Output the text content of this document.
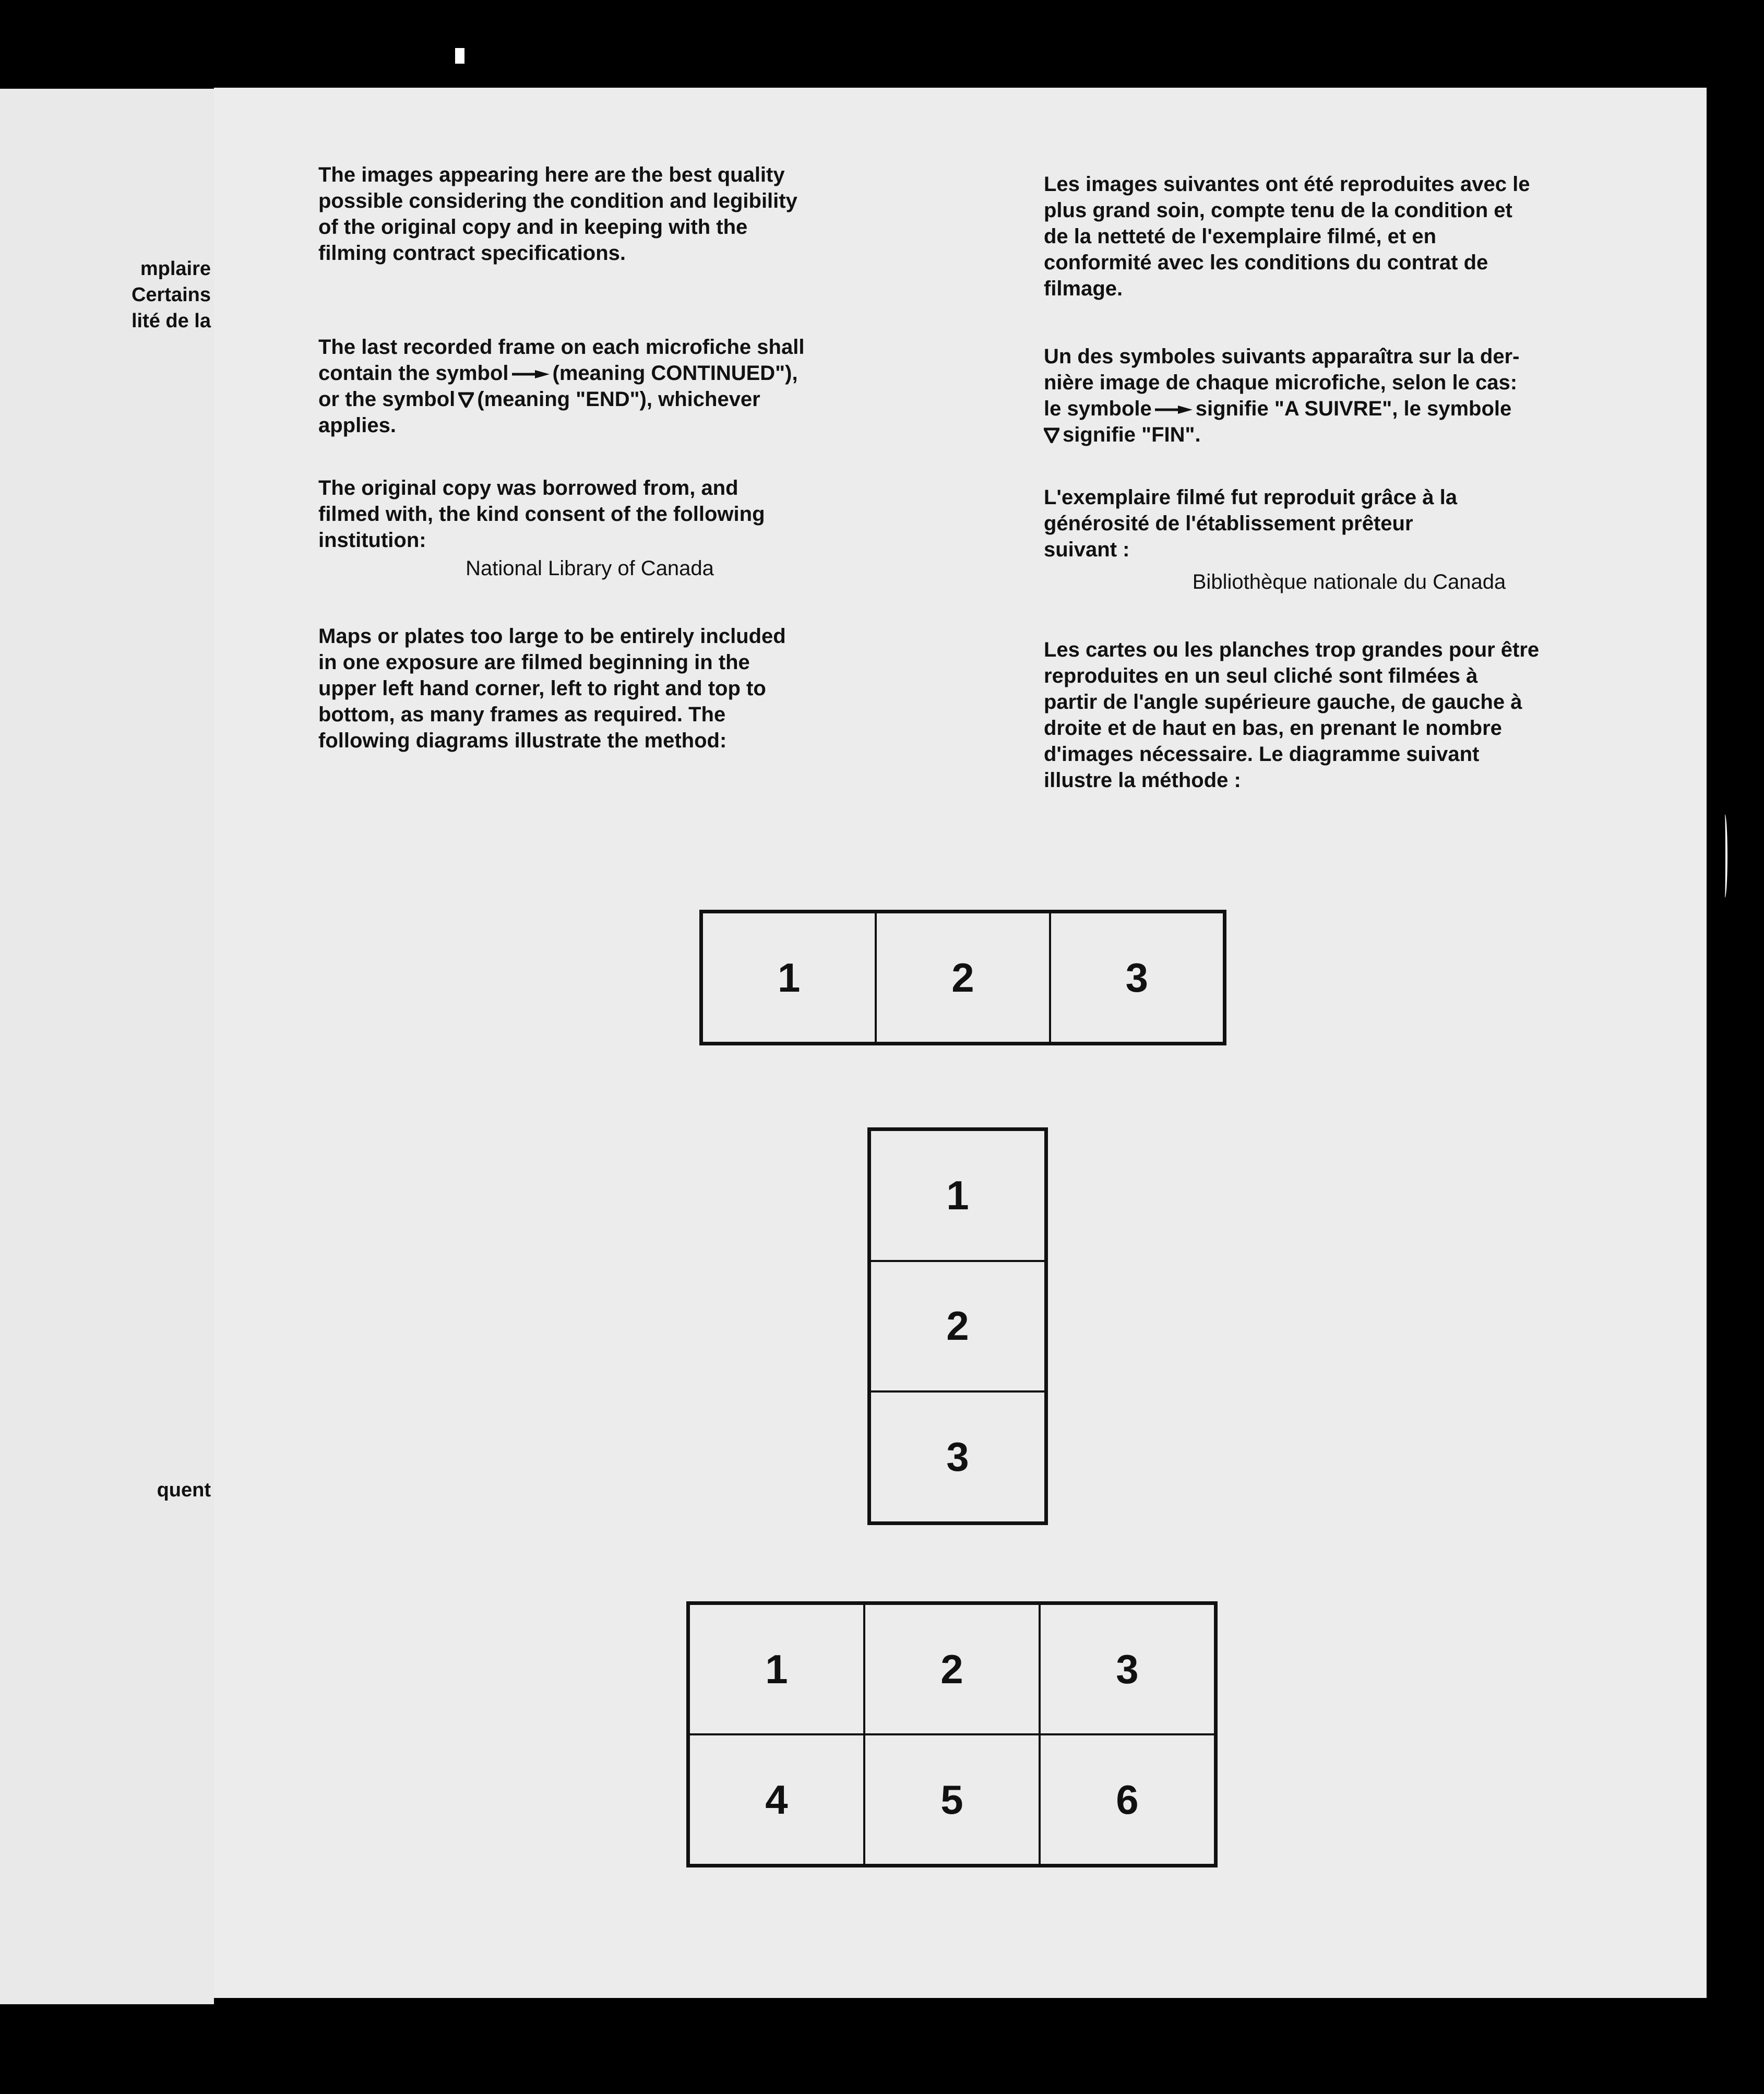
mplaire
Certains
lité de la
quent

The images appearing here are the best quality
possible considering the condition and legibility
of the original copy and in keeping with the
filming contract specifications.

The last recorded frame on each microfiche shall
contain the symbol (meaning CONTINUED"),
or the symbol (meaning "END"), whichever
applies.

The original copy was borrowed from, and
filmed with, the kind consent of the following
institution:

National Library of Canada

Maps or plates too large to be entirely included
in one exposure are filmed beginning in the
upper left hand corner, left to right and top to
bottom, as many frames as required. The
following diagrams illustrate the method:

Les images suivantes ont été reproduites avec le
plus grand soin, compte tenu de la condition et
de la netteté de l'exemplaire filmé, et en
conformité avec les conditions du contrat de
filmage.

Un des symboles suivants apparaîtra sur la der-
nière image de chaque microfiche, selon le cas:
le symbole signifie "A SUIVRE", le symbole
signifie "FIN".

L'exemplaire filmé fut reproduit grâce à la
générosité de l'établissement prêteur
suivant :

Bibliothèque nationale du Canada

Les cartes ou les planches trop grandes pour être
reproduites en un seul cliché sont filmées à
partir de l'angle supérieure gauche, de gauche à
droite et de haut en bas, en prenant le nombre
d'images nécessaire. Le diagramme suivant
illustre la méthode :

1	2	3
1
2
3
1	2	3
4	5	6
